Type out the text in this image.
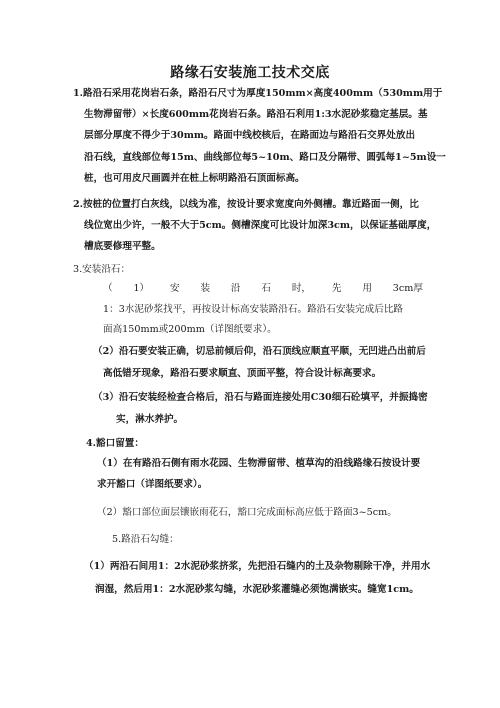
路缘石安装施工技术交底
1.路沿石采用花岗岩石条，路沿石尺寸为厚度150mm×高度400mm（530mm用于
生物滞留带）×长度600mm花岗岩石条。路沿石利用1:3水泥砂浆稳定基层。基
层部分厚度不得少于30mm。路面中线校核后，在路面边与路沿石交界处放出
沿石线，直线部位每15m、曲线部位每5~10m、路口及分隔带、圆弧每1~5m设一
桩，也可用皮尺画圆并在桩上标明路沿石顶面标高。
2.按桩的位置打白灰线，以线为准，按设计要求宽度向外侧槽。靠近路面一侧，比
线位宽出少许，一般不大于5cm。侧槽深度可比设计加深3cm，以保证基础厚度，
槽底要修理平整。
3.安装沿石：
（ 1） 安 装 沿 石 时， 先 用 3cm厚
1：3水泥砂浆找平，再按设计标高安装路沿石。路沿石安装完成后比路
面高150mm或200mm（详图纸要求）。
（2）沿石要安装正确，切忌前倾后仰，沿石顶线应顺直平顺，无凹进凸出前后
高低错牙现象，路沿石要求顺直、顶面平整，符合设计标高要求。
（3）沿石安装经检查合格后，沿石与路面连接处用C30细石砼填平，并振捣密
实，淋水养护。
4.豁口留置：
（1）在有路沿石侧有雨水花园、生物滞留带、植草沟的沿线路缘石按设计要
求开豁口（详图纸要求）。
（2）豁口部位面层镶嵌雨花石，豁口完成面标高应低于路面3~5cm。
5.路沿石勾缝：
（1）两沿石间用1：2水泥砂浆挤浆，先把沿石缝内的土及杂物剔除干净，并用水
润湿，然后用1：2水泥砂浆勾缝，水泥砂浆灌缝必须饱满嵌实。缝宽1cm。
